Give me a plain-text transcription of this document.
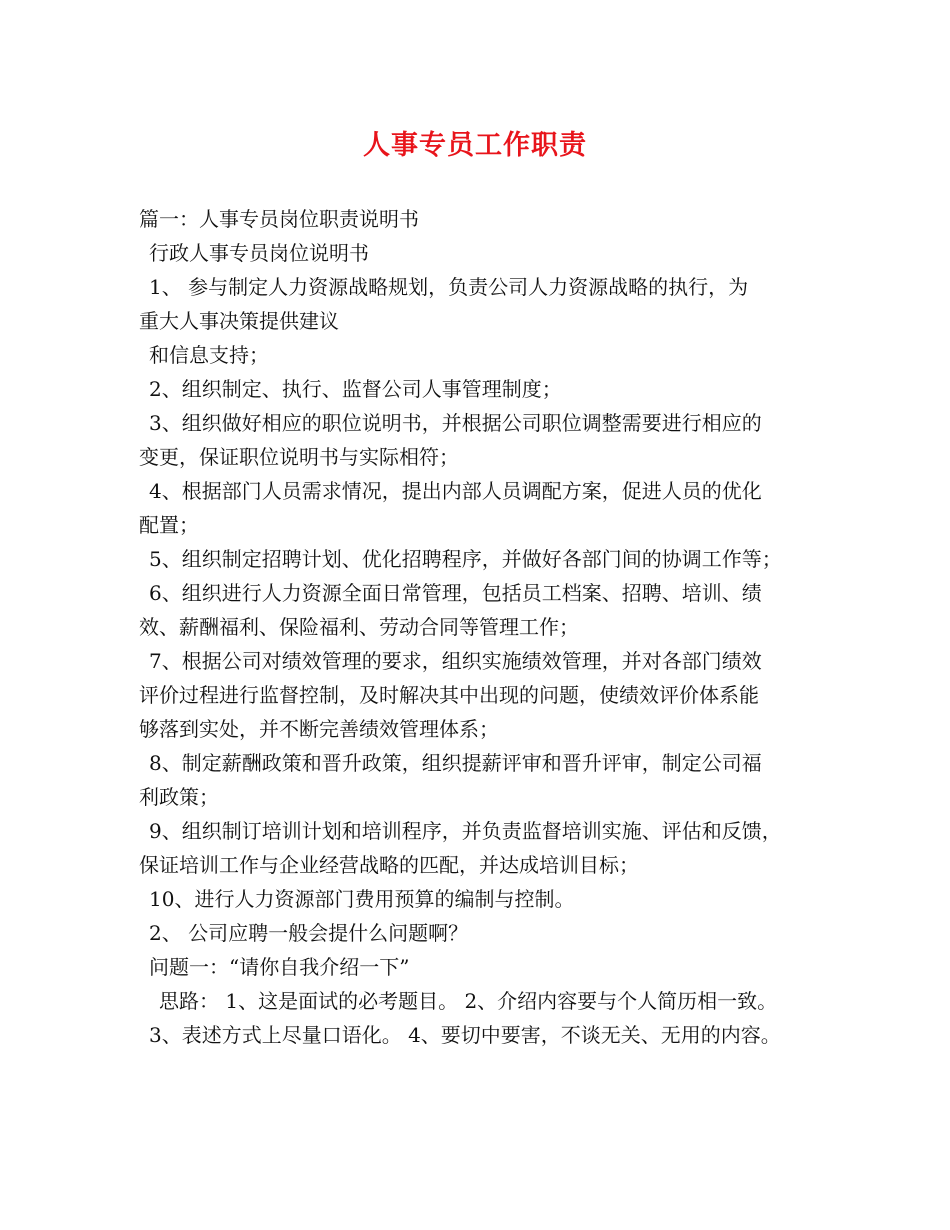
人事专员工作职责
篇一：人事专员岗位职责说明书
行政人事专员岗位说明书
1、 参与制定人力资源战略规划，负责公司人力资源战略的执行，为
重大人事决策提供建议
和信息支持；
2、组织制定、执行、监督公司人事管理制度；
3、组织做好相应的职位说明书，并根据公司职位调整需要进行相应的
变更，保证职位说明书与实际相符；
4、根据部门人员需求情况，提出内部人员调配方案，促进人员的优化
配置；
5、组织制定招聘计划、优化招聘程序，并做好各部门间的协调工作等；
6、组织进行人力资源全面日常管理，包括员工档案、招聘、培训、绩
效、薪酬福利、保险福利、劳动合同等管理工作；
7、根据公司对绩效管理的要求，组织实施绩效管理，并对各部门绩效
评价过程进行监督控制，及时解决其中出现的问题，使绩效评价体系能
够落到实处，并不断完善绩效管理体系；
8、制定薪酬政策和晋升政策，组织提薪评审和晋升评审，制定公司福
利政策；
9、组织制订培训计划和培训程序，并负责监督培训实施、评估和反馈，
保证培训工作与企业经营战略的匹配，并达成培训目标；
10、进行人力资源部门费用预算的编制与控制。
2、 公司应聘一般会提什么问题啊？
问题一：“请你自我介绍一下”
思路： 1、这是面试的必考题目。 2、介绍内容要与个人简历相一致。
3、表述方式上尽量口语化。 4、要切中要害，不谈无关、无用的内容。
